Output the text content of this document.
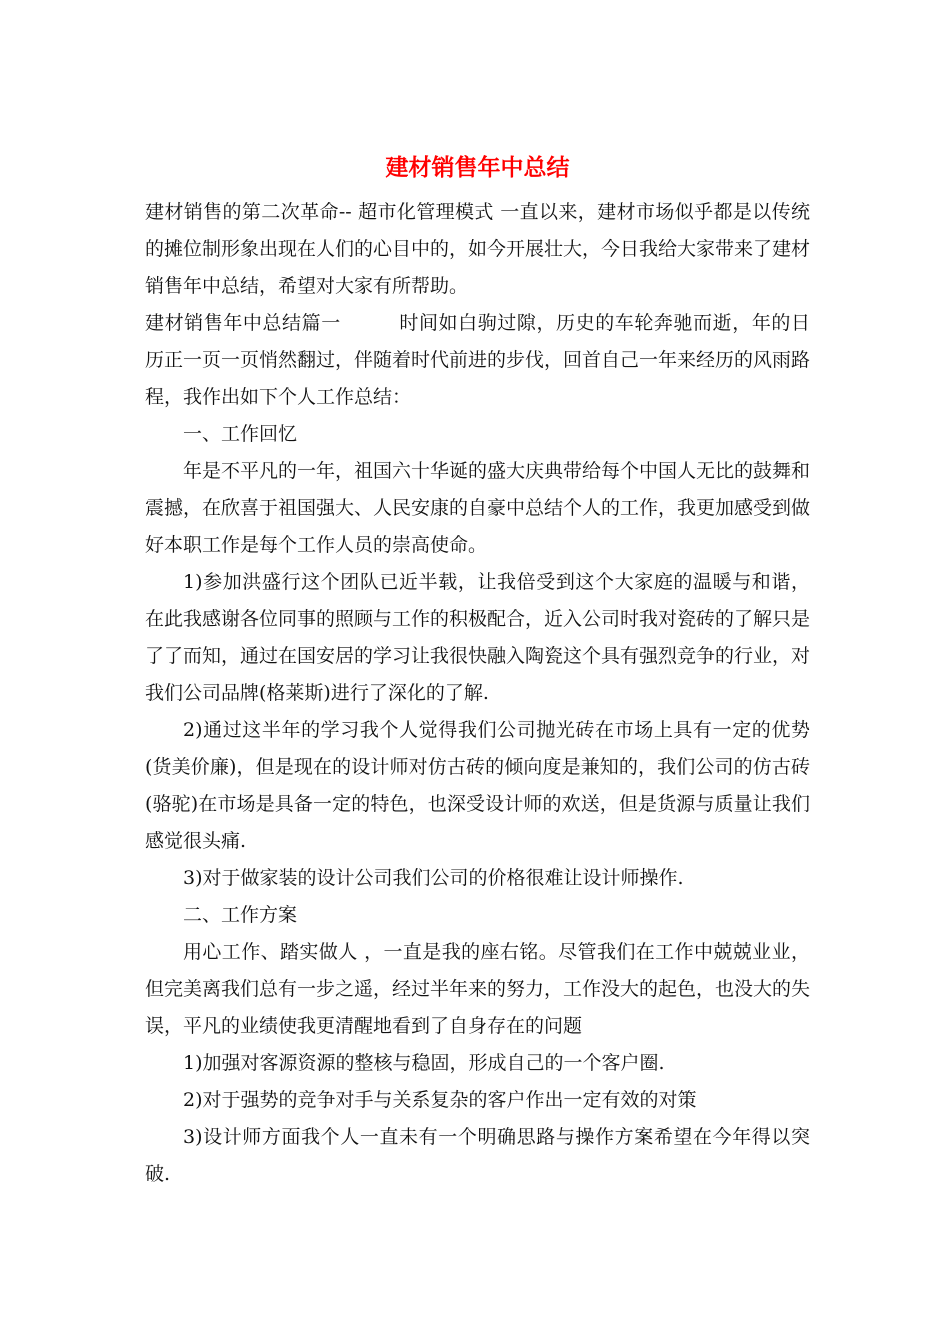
建材销售年中总结

建材销售的第二次革命-- 超市化管理模式 一直以来，建材市场似乎都是以传统的摊位制形象出现在人们的心目中的，如今开展壮大，今日我给大家带来了建材销售年中总结，希望对大家有所帮助。

建材销售年中总结篇一	时间如白驹过隙，历史的车轮奔驰而逝，年的日历正一页一页悄然翻过，伴随着时代前进的步伐，回首自己一年来经历的风雨路程，我作出如下个人工作总结：

一、工作回忆

年是不平凡的一年，祖国六十华诞的盛大庆典带给每个中国人无比的鼓舞和震撼，在欣喜于祖国强大、人民安康的自豪中总结个人的工作，我更加感受到做好本职工作是每个工作人员的崇高使命。

1)参加洪盛行这个团队已近半载，让我倍受到这个大家庭的温暖与和谐，在此我感谢各位同事的照顾与工作的积极配合，近入公司时我对瓷砖的了解只是了了而知，通过在国安居的学习让我很快融入陶瓷这个具有强烈竞争的行业，对我们公司品牌(格莱斯)进行了深化的了解.

2)通过这半年的学习我个人觉得我们公司抛光砖在市场上具有一定的优势(货美价廉)，但是现在的设计师对仿古砖的倾向度是兼知的，我们公司的仿古砖(骆驼)在市场是具备一定的特色，也深受设计师的欢送，但是货源与质量让我们感觉很头痛.

3)对于做家装的设计公司我们公司的价格很难让设计师操作.

二、工作方案

用心工作、踏实做人 ，一直是我的座右铭。尽管我们在工作中兢兢业业，但完美离我们总有一步之遥，经过半年来的努力，工作没大的起色，也没大的失误，平凡的业绩使我更清醒地看到了自身存在的问题

1)加强对客源资源的整核与稳固，形成自己的一个客户圈.

2)对于强势的竞争对手与关系复杂的客户作出一定有效的对策

3)设计师方面我个人一直未有一个明确思路与操作方案希望在今年得以突破.
